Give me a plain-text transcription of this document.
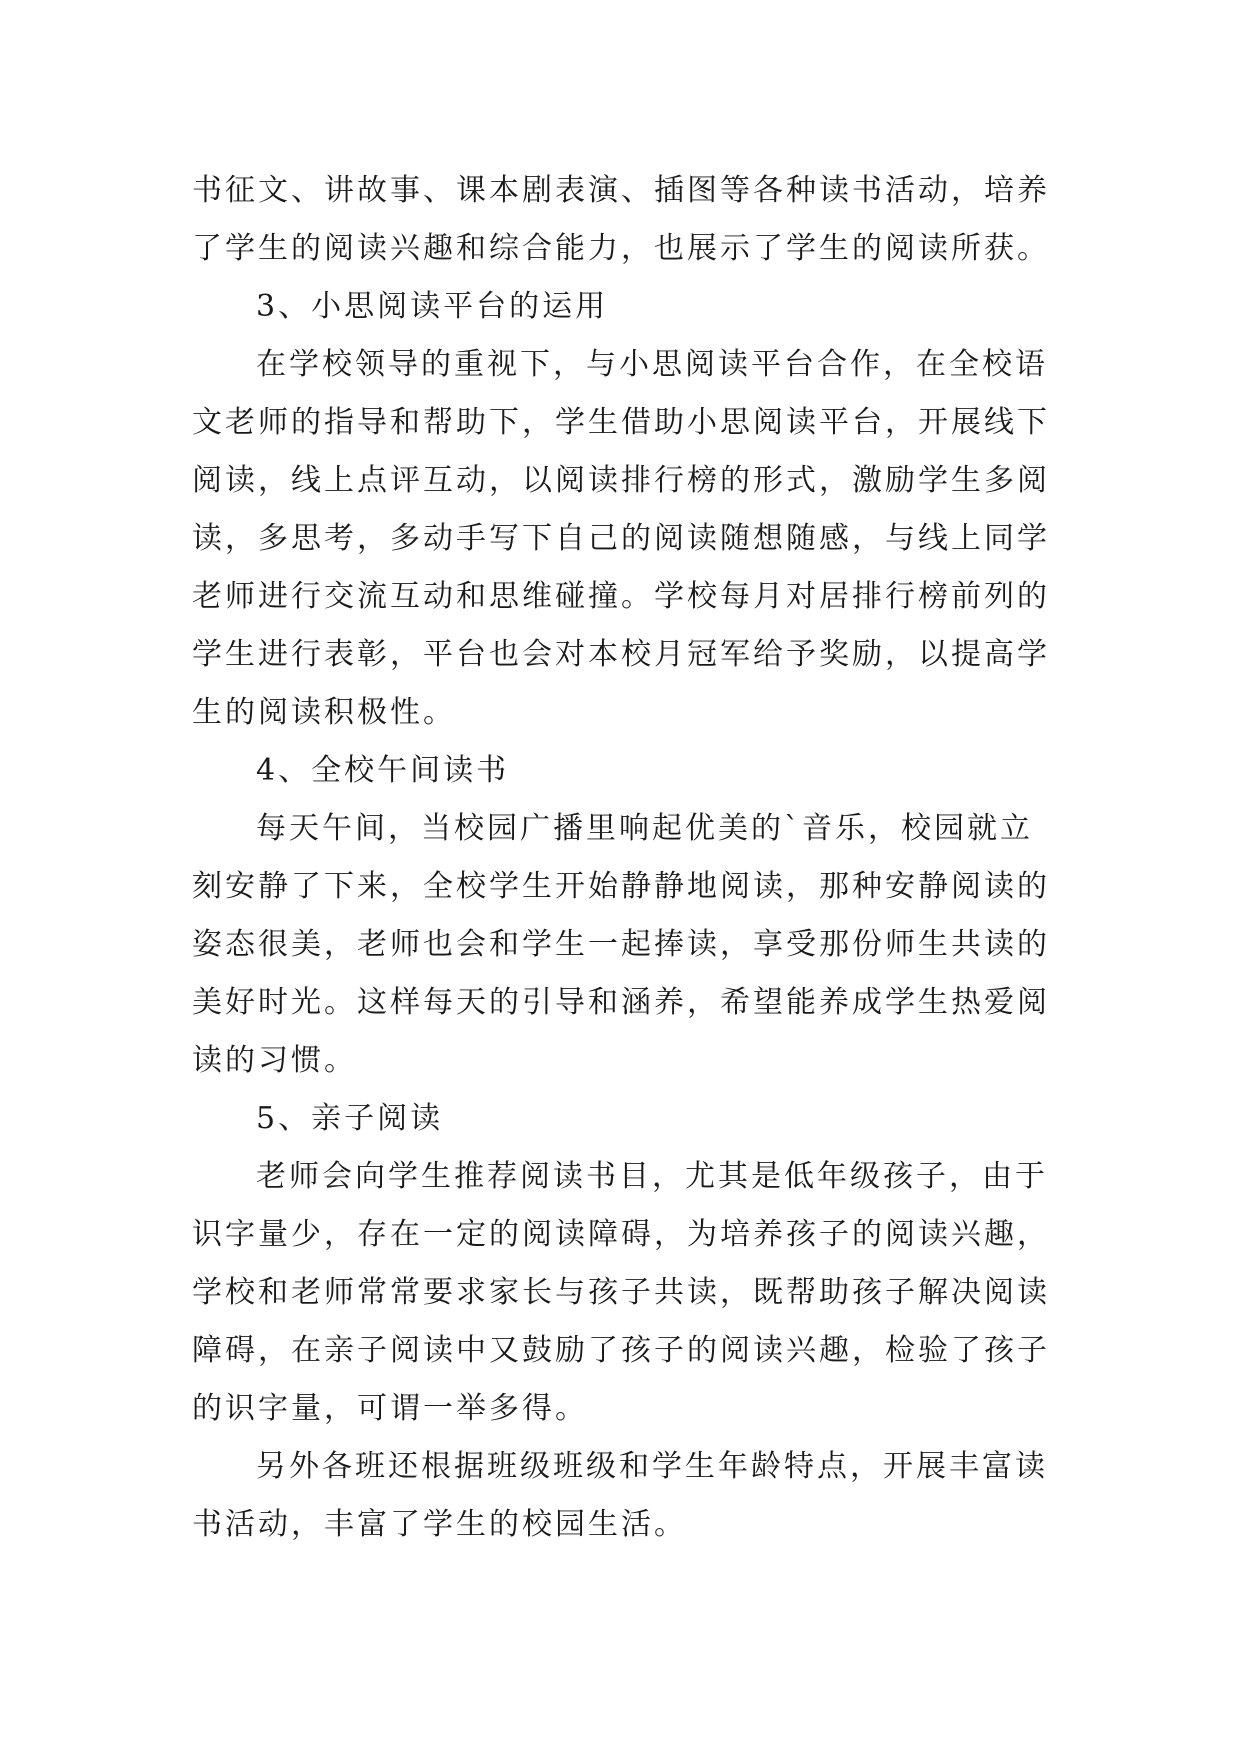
书征文、讲故事、课本剧表演、插图等各种读书活动，培养
了学生的阅读兴趣和综合能力，也展示了学生的阅读所获。
3、小思阅读平台的运用
在学校领导的重视下，与小思阅读平台合作，在全校语
文老师的指导和帮助下，学生借助小思阅读平台，开展线下
阅读，线上点评互动，以阅读排行榜的形式，激励学生多阅
读，多思考，多动手写下自己的阅读随想随感，与线上同学
老师进行交流互动和思维碰撞。学校每月对居排行榜前列的
学生进行表彰，平台也会对本校月冠军给予奖励，以提高学
生的阅读积极性。
4、全校午间读书
每天午间，当校园广播里响起优美的`音乐，校园就立
刻安静了下来，全校学生开始静静地阅读，那种安静阅读的
姿态很美，老师也会和学生一起捧读，享受那份师生共读的
美好时光。这样每天的引导和涵养，希望能养成学生热爱阅
读的习惯。
5、亲子阅读
老师会向学生推荐阅读书目，尤其是低年级孩子，由于
识字量少，存在一定的阅读障碍，为培养孩子的阅读兴趣，
学校和老师常常要求家长与孩子共读，既帮助孩子解决阅读
障碍，在亲子阅读中又鼓励了孩子的阅读兴趣，检验了孩子
的识字量，可谓一举多得。
另外各班还根据班级班级和学生年龄特点，开展丰富读
书活动，丰富了学生的校园生活。
